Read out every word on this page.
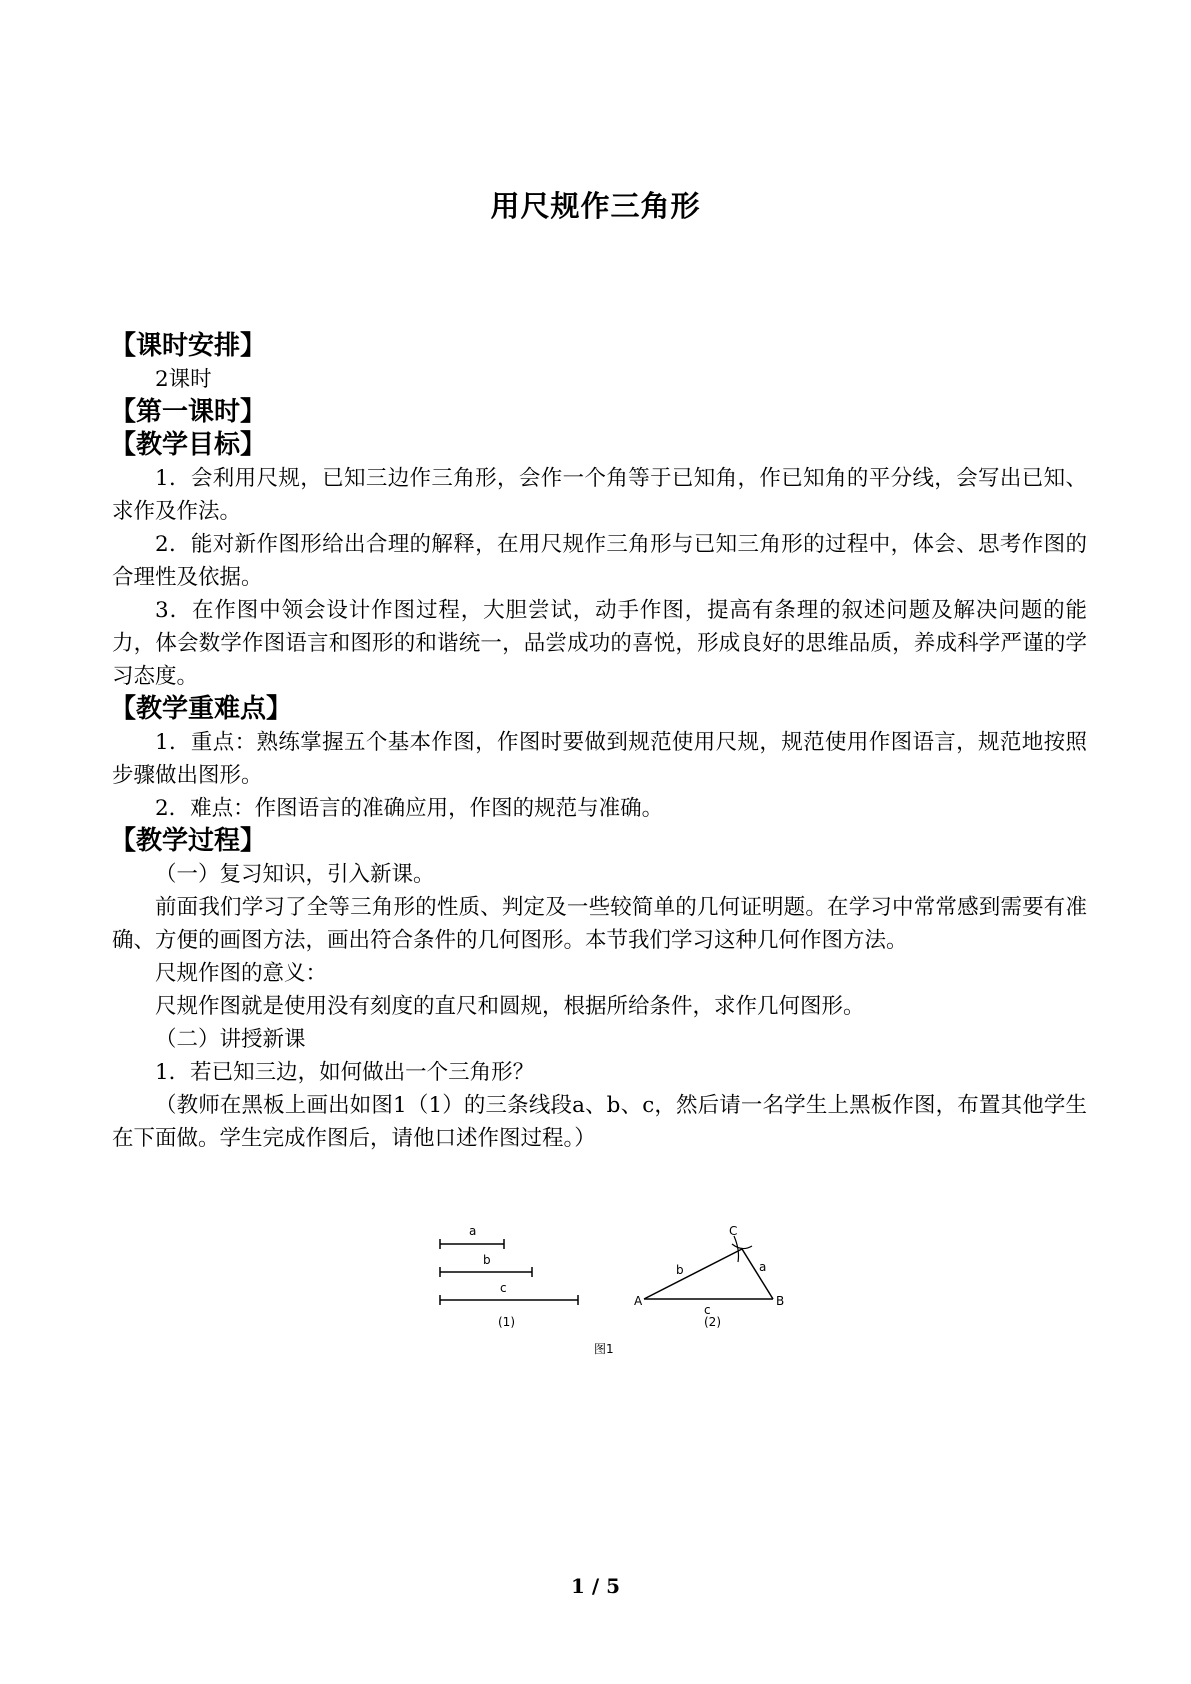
用尺规作三角形

【课时安排】

2课时

【第一课时】

【教学目标】

1．会利用尺规，已知三边作三角形，会作一个角等于已知角，作已知角的平分线，会写出已知、求作及作法。

2．能对新作图形给出合理的解释，在用尺规作三角形与已知三角形的过程中，体会、思考作图的合理性及依据。

3．在作图中领会设计作图过程，大胆尝试，动手作图，提高有条理的叙述问题及解决问题的能力，体会数学作图语言和图形的和谐统一，品尝成功的喜悦，形成良好的思维品质，养成科学严谨的学习态度。

【教学重难点】

1．重点：熟练掌握五个基本作图，作图时要做到规范使用尺规，规范使用作图语言，规范地按照步骤做出图形。

2．难点：作图语言的准确应用，作图的规范与准确。

【教学过程】

（一）复习知识，引入新课。

前面我们学习了全等三角形的性质、判定及一些较简单的几何证明题。在学习中常常感到需要有准确、方便的画图方法，画出符合条件的几何图形。本节我们学习这种几何作图方法。

尺规作图的意义：

尺规作图就是使用没有刻度的直尺和圆规，根据所给条件，求作几何图形。

（二）讲授新课

1．若已知三边，如何做出一个三角形？

（教师在黑板上画出如图1（1）的三条线段a、b、c，然后请一名学生上黑板作图，布置其他学生在下面做。学生完成作图后，请他口述作图过程。）

a
b
c
(1)
C
A	B
b	a
c
(2)
图1
1 / 5
